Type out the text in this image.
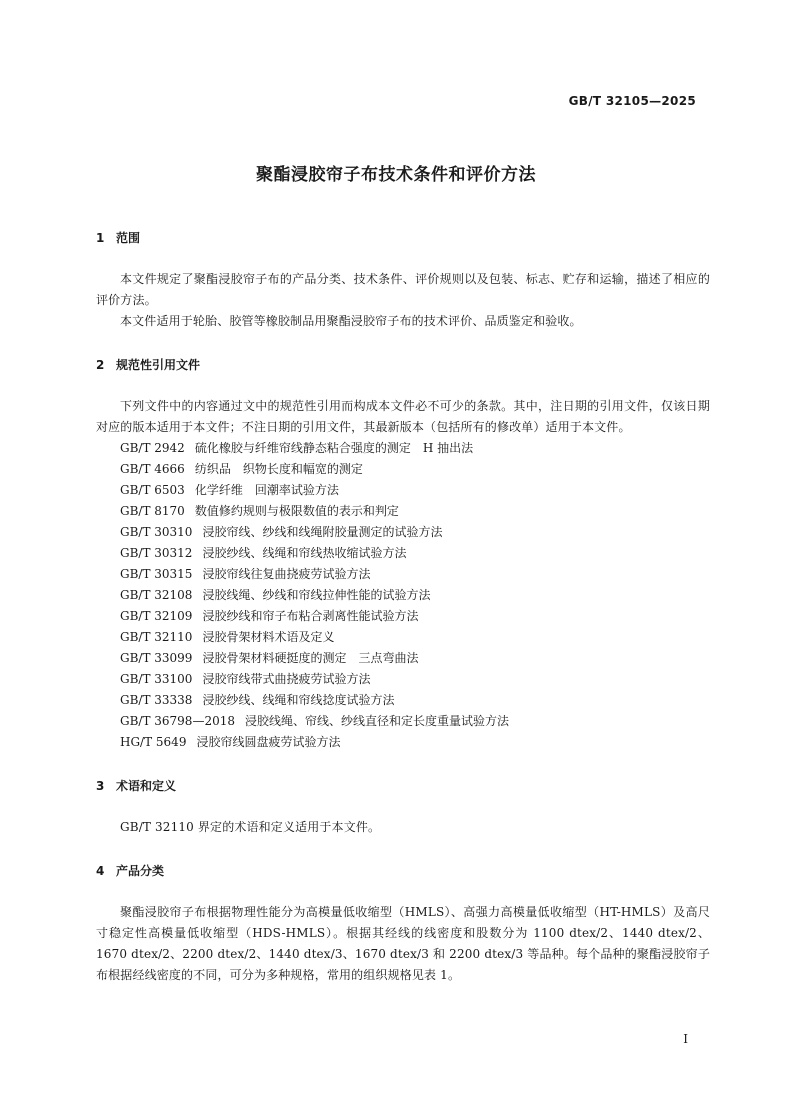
GB/T 32105—2025
聚酯浸胶帘子布技术条件和评价方法

1 范围

本文件规定了聚酯浸胶帘子布的产品分类、技术条件、评价规则以及包装、标志、贮存和运输，描述了相应的评价方法。

本文件适用于轮胎、胶管等橡胶制品用聚酯浸胶帘子布的技术评价、品质鉴定和验收。

2 规范性引用文件

下列文件中的内容通过文中的规范性引用而构成本文件必不可少的条款。其中，注日期的引用文件，仅该日期对应的版本适用于本文件；不注日期的引用文件，其最新版本（包括所有的修改单）适用于本文件。

GB/T 2942 硫化橡胶与纤维帘线静态粘合强度的测定　H 抽出法
GB/T 4666 纺织品　织物长度和幅宽的测定
GB/T 6503 化学纤维　回潮率试验方法
GB/T 8170 数值修约规则与极限数值的表示和判定
GB/T 30310 浸胶帘线、纱线和线绳附胶量测定的试验方法
GB/T 30312 浸胶纱线、线绳和帘线热收缩试验方法
GB/T 30315 浸胶帘线往复曲挠疲劳试验方法
GB/T 32108 浸胶线绳、纱线和帘线拉伸性能的试验方法
GB/T 32109 浸胶纱线和帘子布粘合剥离性能试验方法
GB/T 32110 浸胶骨架材料术语及定义
GB/T 33099 浸胶骨架材料硬挺度的测定　三点弯曲法
GB/T 33100 浸胶帘线带式曲挠疲劳试验方法
GB/T 33338 浸胶纱线、线绳和帘线捻度试验方法
GB/T 36798—2018 浸胶线绳、帘线、纱线直径和定长度重量试验方法
HG/T 5649 浸胶帘线圆盘疲劳试验方法

3 术语和定义

GB/T 32110 界定的术语和定义适用于本文件。

4 产品分类

聚酯浸胶帘子布根据物理性能分为高模量低收缩型（HMLS）、高强力高模量低收缩型（HT-HMLS）及高尺寸稳定性高模量低收缩型（HDS-HMLS）。根据其经线的线密度和股数分为 1100 dtex/2、1440 dtex/2、1670 dtex/2、2200 dtex/2、1440 dtex/3、1670 dtex/3 和 2200 dtex/3 等品种。每个品种的聚酯浸胶帘子布根据经线密度的不同，可分为多种规格，常用的组织规格见表 1。

I
